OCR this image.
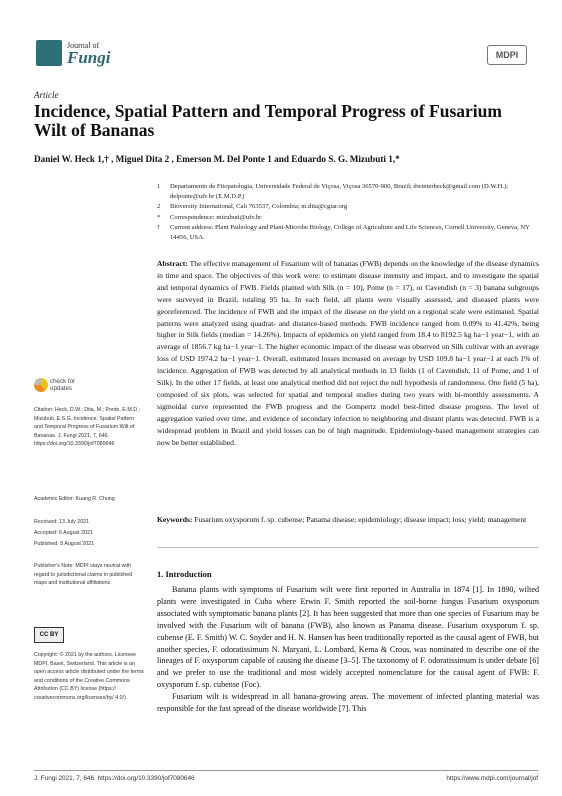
Journal of
Fungi	MDPI
Article
Incidence, Spatial Pattern and Temporal Progress of Fusarium Wilt of Bananas
Daniel W. Heck 1,† , Miguel Dita 2 , Emerson M. Del Ponte 1 and Eduardo S. G. Mizubuti 1,*
1	Departamento de Fitopatologia, Universidade Federal de Viçosa, Viçosa 36570-900, Brazil; dwinterheck@gmail.com (D.W.H.); delponte@ufv.br (E.M.D.P.)
2	Bioversity International, Cali 763537, Colombia; m.dita@cgiar.org
*	Correspondence: mizubuti@ufv.br
†	Current address: Plant Pathology and Plant-Microbe Biology, College of Agriculture and Life Sciences, Cornell University, Geneva, NY 14456, USA.
Abstract: The effective management of Fusarium wilt of bananas (FWB) depends on the knowledge of the disease dynamics in time and space. The objectives of this work were: to estimate disease intensity and impact, and to investigate the spatial and temporal dynamics of FWB. Fields planted with Silk (n = 10), Pome (n = 17), or Cavendish (n = 3) banana subgroups were surveyed in Brazil, totaling 95 ha. In each field, all plants were visually assessed, and diseased plants were georeferenced. The incidence of FWB and the impact of the disease on the yield on a regional scale were estimated. Spatial patterns were analyzed using quadrat- and distance-based methods. FWB incidence ranged from 0.09% to 41.42%, being higher in Silk fields (median = 14.26%). Impacts of epidemics on yield ranged from 18.4 to 8192.5 kg ha−1 year−1, with an average of 1856.7 kg ha−1 year−1. The higher economic impact of the disease was observed on Silk cultivar with an average loss of USD 1974.2 ha−1 year−1. Overall, estimated losses increased on average by USD 109.8 ha−1 year−1 at each 1% of incidence. Aggregation of FWB was detected by all analytical methods in 13 fields (1 of Cavendish, 11 of Pome, and 1 of Silk). In the other 17 fields, at least one analytical method did not reject the null hypothesis of randomness. One field (5 ha), composed of six plots, was selected for spatial and temporal studies during two years with bi-monthly assessments. A sigmoidal curve represented the FWB progress and the Gompertz model best-fitted disease progress. The level of aggregation varied over time, and evidence of secondary infection to neighboring and distant plants was detected. FWB is a widespread problem in Brazil and yield losses can be of high magnitude. Epidemiology-based management strategies can now be better established.
Keywords: Fusarium oxysporum f. sp. cubense; Panama disease; epidemiology; disease impact; loss; yield; management
1. Introduction

Banana plants with symptoms of Fusarium wilt were first reported in Australia in 1874 [1]. In 1890, wilted plants were investigated in Cuba where Erwin F. Smith reported the soil-borne fungus Fusarium oxysporum associated with symptomatic banana plants [2]. It has been suggested that more than one species of Fusarium may be involved with the Fusarium wilt of banana (FWB), also known as Panama disease. Fusarium oxysporum f. sp. cubense (E. F. Smith) W. C. Snyder and H. N. Hansen has been traditionally reported as the causal agent of FWB, but another species, F. odoratissimum N. Maryani, L. Lombard, Kema & Crous, was nominated to describe one of the lineages of F. oxysporum capable of causing the disease [3–5]. The taxonomy of F. odoratissimum is under debate [6] and we prefer to use the traditional and most widely accepted nomenclature for the causal agent of FWB: F. oxysporum f. sp. cubense (Foc).

Fusarium wilt is widespread in all banana-growing areas. The movement of infected planting material was responsible for the fast spread of the disease worldwide [7]. This

check for updates
Citation: Heck, D.W.; Dita, M.; Ponte, E.M.D.; Mizubuti, E.S.G. Incidence, Spatial Pattern and Temporal Progress of Fusarium Wilt of Bananas. J. Fungi 2021, 7, 646. https://doi.org/10.3390/jof7080646
Academic Editor: Kuang R. Chung
Received: 13 July 2021
Accepted: 6 August 2021
Published: 8 August 2021
Publisher's Note: MDPI stays neutral with regard to jurisdictional claims in published maps and institutional affiliations.
CC BY
Copyright: © 2021 by the authors. Licensee MDPI, Basel, Switzerland. This article is an open access article distributed under the terms and conditions of the Creative Commons Attribution (CC BY) license (https:// creativecommons.org/licenses/by/ 4.0/).
J. Fungi 2021, 7, 646. https://doi.org/10.3390/jof7080646	https://www.mdpi.com/journal/jof
